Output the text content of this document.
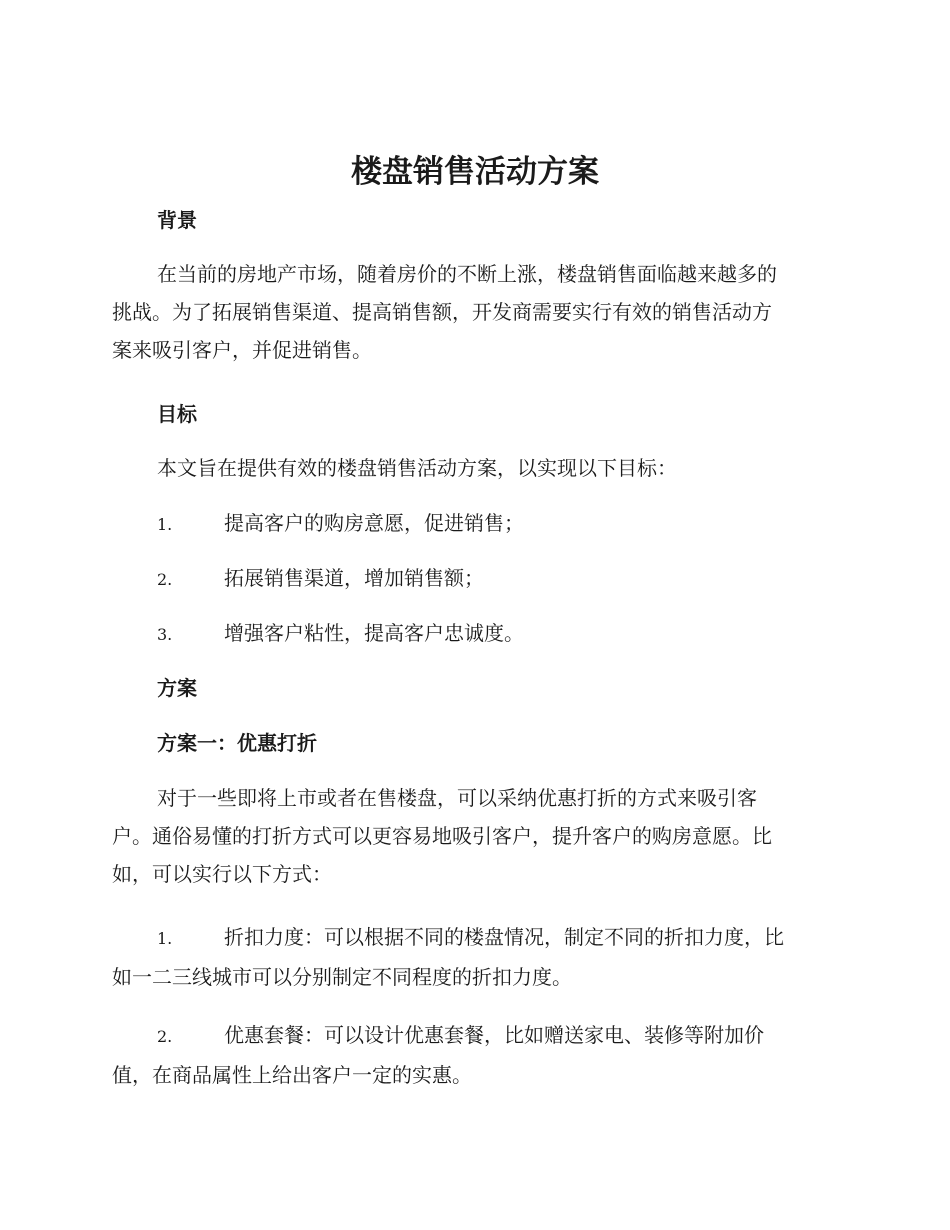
楼盘销售活动方案
背景

在当前的房地产市场，随着房价的不断上涨，楼盘销售面临越来越多的
挑战。为了拓展销售渠道、提高销售额，开发商需要实行有效的销售活动方
案来吸引客户，并促进销售。

目标

本文旨在提供有效的楼盘销售活动方案，以实现以下目标：

1.	提高客户的购房意愿，促进销售；

2.	拓展销售渠道，增加销售额；

3.	增强客户粘性，提高客户忠诚度。

方案
方案一：优惠打折

对于一些即将上市或者在售楼盘，可以采纳优惠打折的方式来吸引客
户。通俗易懂的打折方式可以更容易地吸引客户，提升客户的购房意愿。比
如，可以实行以下方式：

1.	折扣力度：可以根据不同的楼盘情况，制定不同的折扣力度，比
如一二三线城市可以分别制定不同程度的折扣力度。

2.	优惠套餐：可以设计优惠套餐，比如赠送家电、装修等附加价
值，在商品属性上给出客户一定的实惠。
